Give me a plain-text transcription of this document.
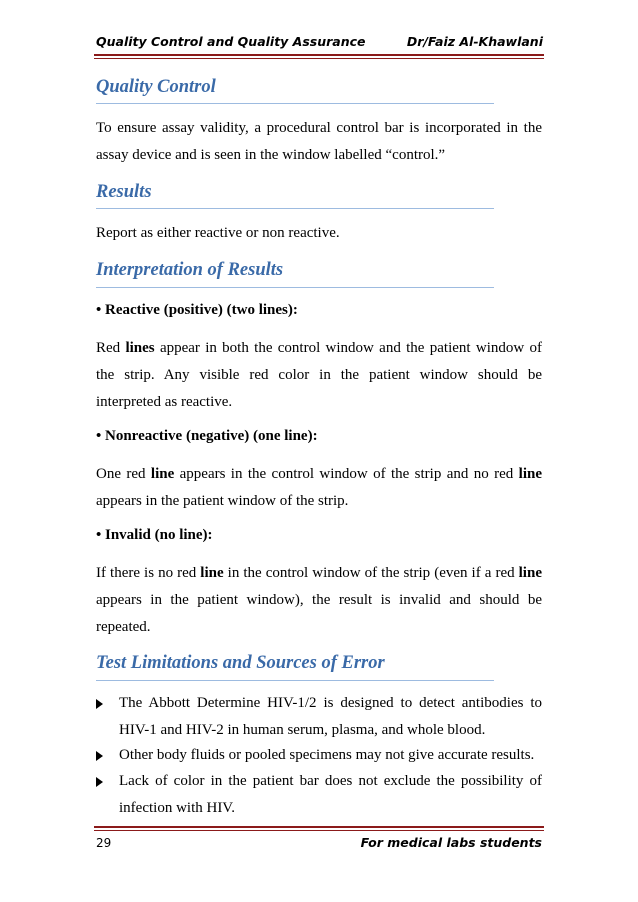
Quality Control and Quality Assurance	Dr/Faiz Al-Khawlani
Quality Control

To ensure assay validity, a procedural control bar is incorporated in the assay device and is seen in the window labelled “control.”

Results

Report as either reactive or non reactive.

Interpretation of Results
• Reactive (positive) (two lines):

Red lines appear in both the control window and the patient window of the strip. Any visible red color in the patient window should be interpreted as reactive.

• Nonreactive (negative) (one line):

One red line appears in the control window of the strip and no red line appears in the patient window of the strip.

• Invalid (no line):

If there is no red line in the control window of the strip (even if a red line appears in the patient window), the result is invalid and should be repeated.

Test Limitations and Sources of Error
The Abbott Determine HIV-1/2 is designed to detect antibodies to HIV-1 and HIV-2 in human serum, plasma, and whole blood.
Other body fluids or pooled specimens may not give accurate results.
Lack of color in the patient bar does not exclude the possibility of infection with HIV.
29	For medical labs students
